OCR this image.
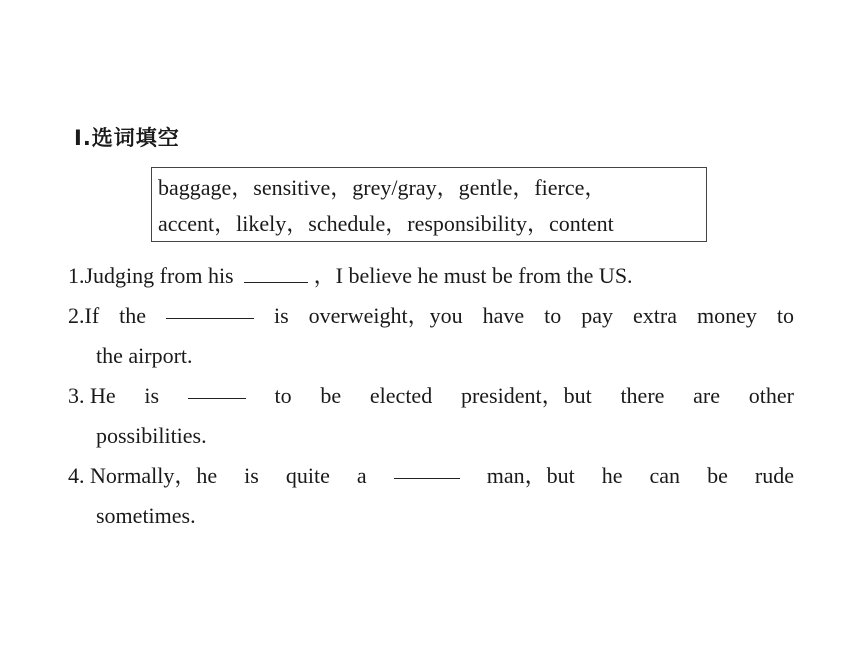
Ⅰ.选词填空
baggage，sensitive，grey/gray，gentle，fierce，
accent，likely，schedule，responsibility，content
1.Judging from his	，I believe he must be from the US.
2.If the	is overweight，you have to pay extra money to
the airport.
3. He is	to be elected president，but there are other
possibilities.
4. Normally，he is quite a	man，but he can be rude
sometimes.
